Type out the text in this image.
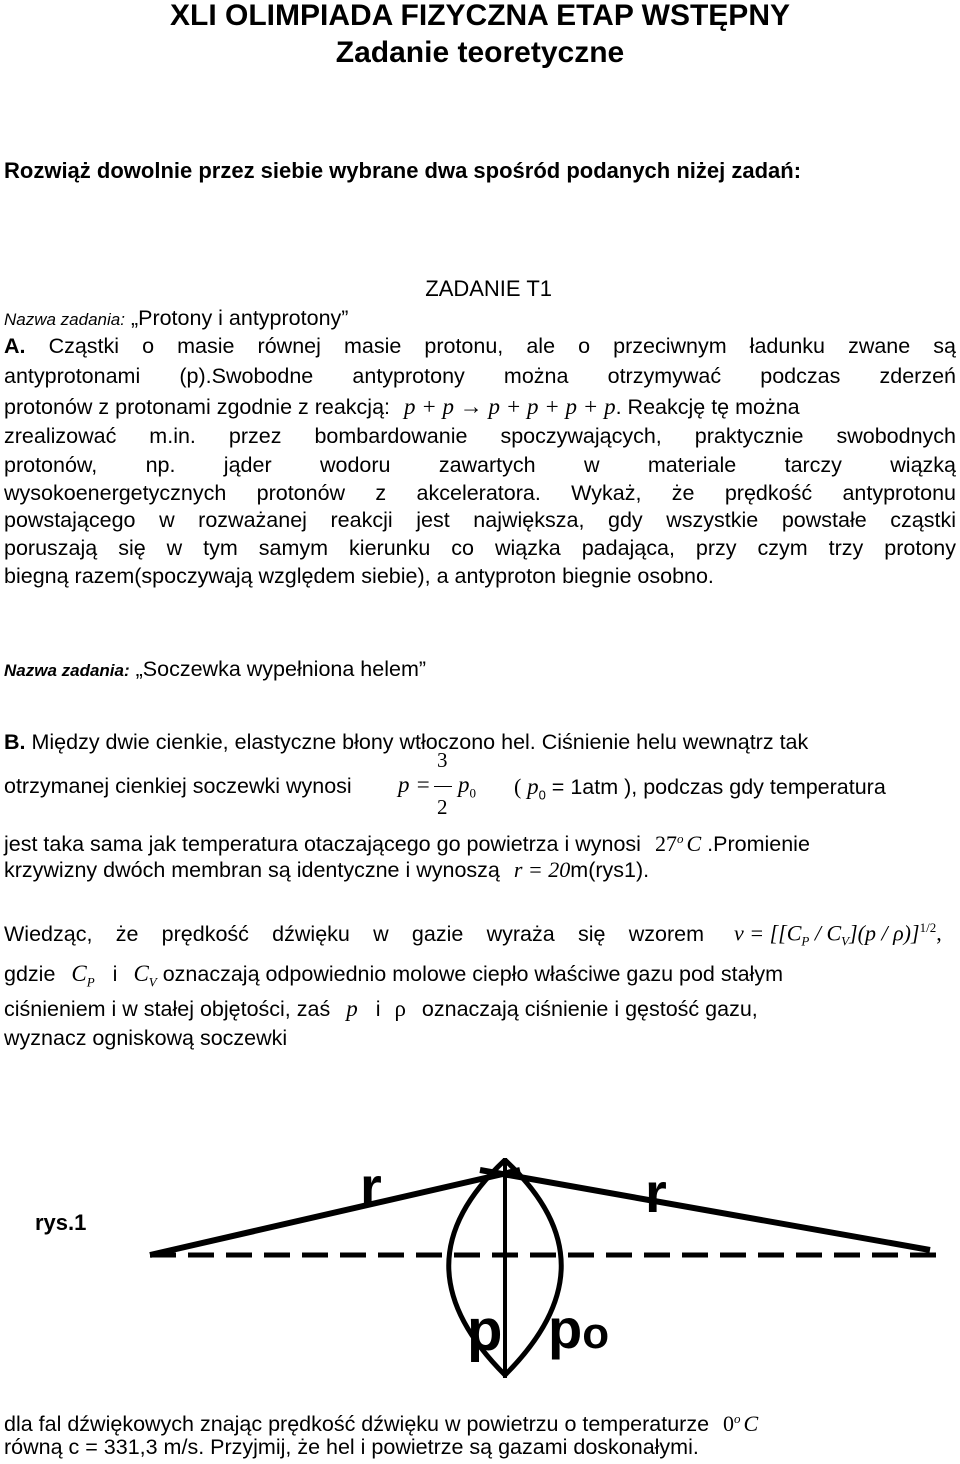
XLI OLIMPIADA FIZYCZNA ETAP WSTĘPNY
Zadanie teoretyczne
Rozwiąż dowolnie przez siebie wybrane dwa spośród podanych niżej zadań:
ZADANIE T1
Nazwa zadania: „Protony i antyprotony”
A. Cząstki o masie równej masie protonu, ale o przeciwnym ładunku zwane są
antyprotonami (p).Swobodne antyprotony można otrzymywać podczas zderzeń
protonów z protonami zgodnie z reakcją: p + p → p + p + p + p. Reakcję tę można
zrealizować m.in. przez bombardowanie spoczywających, praktycznie swobodnych
protonów, np. jąder wodoru zawartych w materiale tarczy wiązką
wysokoenergetycznych protonów z akceleratora. Wykaż, że prędkość antyprotonu
powstającego w rozważanej reakcji jest największa, gdy wszystkie powstałe cząstki
poruszają się w tym samym kierunku co wiązka padająca, przy czym trzy protony
biegną razem(spoczywają względem siebie), a antyproton biegnie osobno.
Nazwa zadania: „Soczewka wypełniona helem”
B. Między dwie cienkie, elastyczne błony wtłoczono hel. Ciśnienie helu wewnątrz tak
otrzymanej cienkiej soczewki wynosi	p =
3
2
$p_0$ ( $p_0 = 1atm$ ), podczas gdy temperatura
jest taka sama jak temperatura otaczającego go powietrza i wynosi 27$^o$ C .Promienie
krzywizny dwóch membran są identyczne i wynoszą r = 20m(rys1).
Wiedząc, że prędkość dźwięku w gazie wyraża się wzorem $v = [[C_P / C_V](p / \rho)]^{1/2}$,
gdzie $C_P$ i $C_V$ oznaczają odpowiednio molowe ciepło właściwe gazu pod stałym
ciśnieniem i w stałej objętości, zaś p i ρ oznaczają ciśnienie i gęstość gazu,
wyznacz ogniskową soczewki
r	r
p po
rys.1
dla fal dźwiękowych znając prędkość dźwięku w powietrzu o temperaturze 0$^o$ C
równą c = 331,3 m/s. Przyjmij, że hel i powietrze są gazami doskonałymi.
